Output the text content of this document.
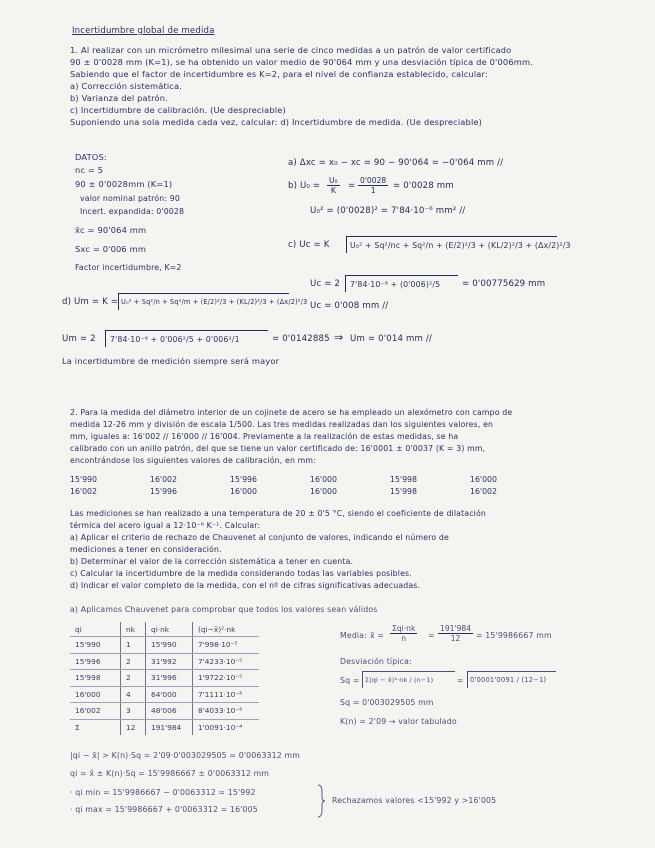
Incertidumbre global de medida
1. Al realizar con un micrómetro milesimal una serie de cinco medidas a un patrón de valor certificado
90 ± 0'0028 mm (K=1), se ha obtenido un valor medio de 90'064 mm y una desviación típica de 0'006mm.
Sabiendo que el factor de incertidumbre es K=2, para el nivel de confianza establecido, calcular:
a) Corrección sistemática.
b) Varianza del patrón.
c) Incertidumbre de calibración. (Ue despreciable)
Suponiendo una sola medida cada vez, calcular: d) Incertidumbre de medida. (Ue despreciable)
DATOS:
nc = 5
90 ± 0'0028mm (K=1)
valor nominal patrón: 90
Incert. expandida: 0'0028
x̄c = 90'064 mm
Sxc = 0'006 mm
Factor incertidumbre, K=2
a) Δxc = x₀ − xc = 90 − 90'064 = −0'064 mm //
b) $U_0 = \frac{\text{U₀}}{K} = \frac{0'0028}{1} = 0'0028$ mm
U₀² = (0'0028)² = 7'84·10⁻⁶ mm² //
c) Uc = K	U₀² + Sq²/nc + Sq²/n + (E/2)²/3 + (KL/2)²/3 + (Δx/2)²/3
Uc = 2 7'84·10⁻⁶ + (0'006)²/5	= 0'00775629 mm
Uc = 0'008 mm //
d) Um = K = U₀² + Sq²/n + Sq²/m + (E/2)²/3 + (KL/2)²/3 + (Δx/2)²/3
Um = 2 7'84·10⁻⁶ + 0'006²/5 + 0'006²/1	= 0'0142885 ⇒ Um = 0'014 mm //
La incertidumbre de medición siempre será mayor
2. Para la medida del diámetro interior de un cojinete de acero se ha empleado un alexómetro con campo de
medida 12-26 mm y división de escala 1/500. Las tres medidas realizadas dan los siguientes valores, en
mm, iguales a: 16'002 // 16'000 // 16'004. Previamente a la realización de estas medidas, se ha
calibrado con un anillo patrón, del que se tiene un valor certificado de: 16'0001 ± 0'0037 (K = 3) mm,
encontrándose los siguientes valores de calibración, en mm:
15'990	16'002	15'996	16'000	15'998	16'000
16'002	15'996	16'000	16'000	15'998	16'002
Las mediciones se han realizado a una temperatura de 20 ± 0'5 °C, siendo el coeficiente de dilatación
térmica del acero igual a 12·10⁻⁶ K⁻¹. Calcular:
a) Aplicar el criterio de rechazo de Chauvenet al conjunto de valores, indicando el número de
mediciones a tener en consideración.
b) Determinar el valor de la corrección sistemática a tener en cuenta.
c) Calcular la incertidumbre de la medida considerando todas las variables posibles.
d) Indicar el valor completo de la medida, con el nº de cifras significativas adecuadas.
a) Aplicamos Chauvenet para comprobar que todos los valores sean válidos
qi	nk	qi·nk	(qi−x̄)²·nk
15'990	1	15'990	7'998·10⁻⁵
15'996	2	31'992	7'4233·10⁻⁵
15'998	2	31'996	1'9722·10⁻⁵
16'000	4	64'000	7'1111·10⁻⁸
16'002	3	48'006	8'4033·10⁻⁶
Σ	12	191'984	1'0091·10⁻⁴
Media: x̄ =
Σqi·nk
n	= $\frac{191'984}{12} = 15'9986667$ mm
Desviación típica:
Sq = Σ(qi − x̄)²·nk / (n−1)	= 0'0001'0091 / (12−1)
Sq = 0'003029505 mm
K(n) = 2'09 → valor tabulado
|qi − x̄| > K(n)·Sq = 2'09·0'003029505 = 0'0063312 mm
qi = x̄ ± K(n)·Sq = 15'9986667 ± 0'0063312 mm
· qi min = 15'9986667 − 0'0063312 = 15'992
· qi max = 15'9986667 + 0'0063312 = 16'005
Rechazamos valores <15'992 y >16'005
